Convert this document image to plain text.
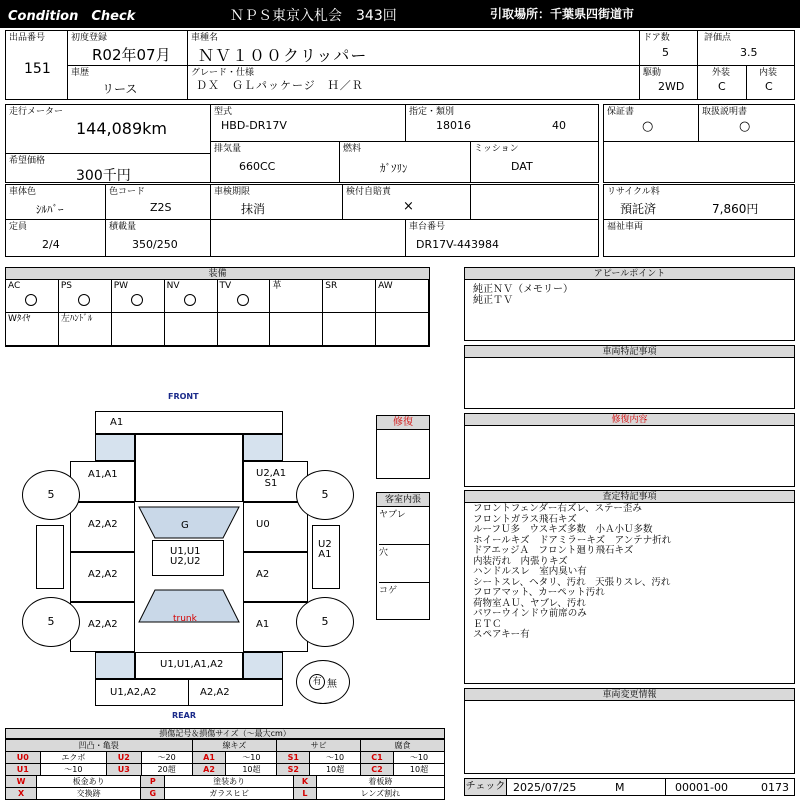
Condition　Check	ＮＰＳ東京入札会　343回	引取場所：千葉県四街道市
出品番号
151
初度登録
R02年07月
車種名
ＮＶ１００クリッパー
ドア数
5
評価点
3.5
車歴
リース
グレード・仕様
ＤＸ　ＧＬパッケージ　Ｈ／Ｒ
駆動
2WD
外装
C
内装
C
走行メーター
144,089km
希望価格
300千円
型式
HBD-DR17V
指定・類別
18016	40
保証書
○
取扱説明書
○
排気量
660CC
燃料
ｶﾞｿﾘﾝ
ミッション
DAT
車体色
ｼﾙﾊﾞｰ
色コード
Z2S
車検期限
抹消
検付自賠責
×
リサイクル料
預託済	7,860円
定員
2/4
積載量
350/250
車台番号
DR17V-443984
福祉車両
装備
AC	PS	PW	NV	TV	革	SR	AW
Wﾀｲﾔ	左ﾊﾝﾄﾞﾙ
アピールポイント
純正ＮＶ（メモリー）
純正ＴＶ
車両特記事項
修復内容
査定特記事項
フロントフェンダー右ズレ、ステー歪み
フロントガラス飛石キズ
ルーフＵ多　ウスキズ多数　小Ａ小Ｕ多数
ホイールキズ　ドアミラーキズ　アンテナ折れ
ドアエッジＡ　フロント廻り飛石キズ
内装汚れ　内張りキズ
ハンドルスレ　室内臭い有
シートスレ、ヘタリ、汚れ　天張りスレ、汚れ
フロアマット、カーペット汚れ
荷物室ＡＵ、ヤブレ、汚れ
パワーウインドウ前席のみ
ＥＴＣ
スペアキー有
車両変更情報
チェック 2025/07/25	M	00001-00	0173
修復
客室内張
ヤブレ
穴
コゲ
FRONT
A1
A1,A1
A2,A2
A2,A2
A2,A2
U2,A1
S1
U0
A2
A1
G
U1,U1
U2,U2
trunk
U2
A1
U1,U1,A1,A2
U1,A2,A2	A2,A2
REAR
5	5
5	5
有 無
損傷記号＆損傷サイズ（〜最大cm）
凹凸・亀裂				線キズ		サビ		腐食	
U0	エクボ	U2	〜20	A1	〜10	S1	〜10	C1	〜10
U1	〜10	U3	20超	A2	10超	S2	10超	C2	10超
W	板金あり	P	塗装あり	K	着板跡
X	交換跡	G	ガラスヒビ	L	レンズ割れ
